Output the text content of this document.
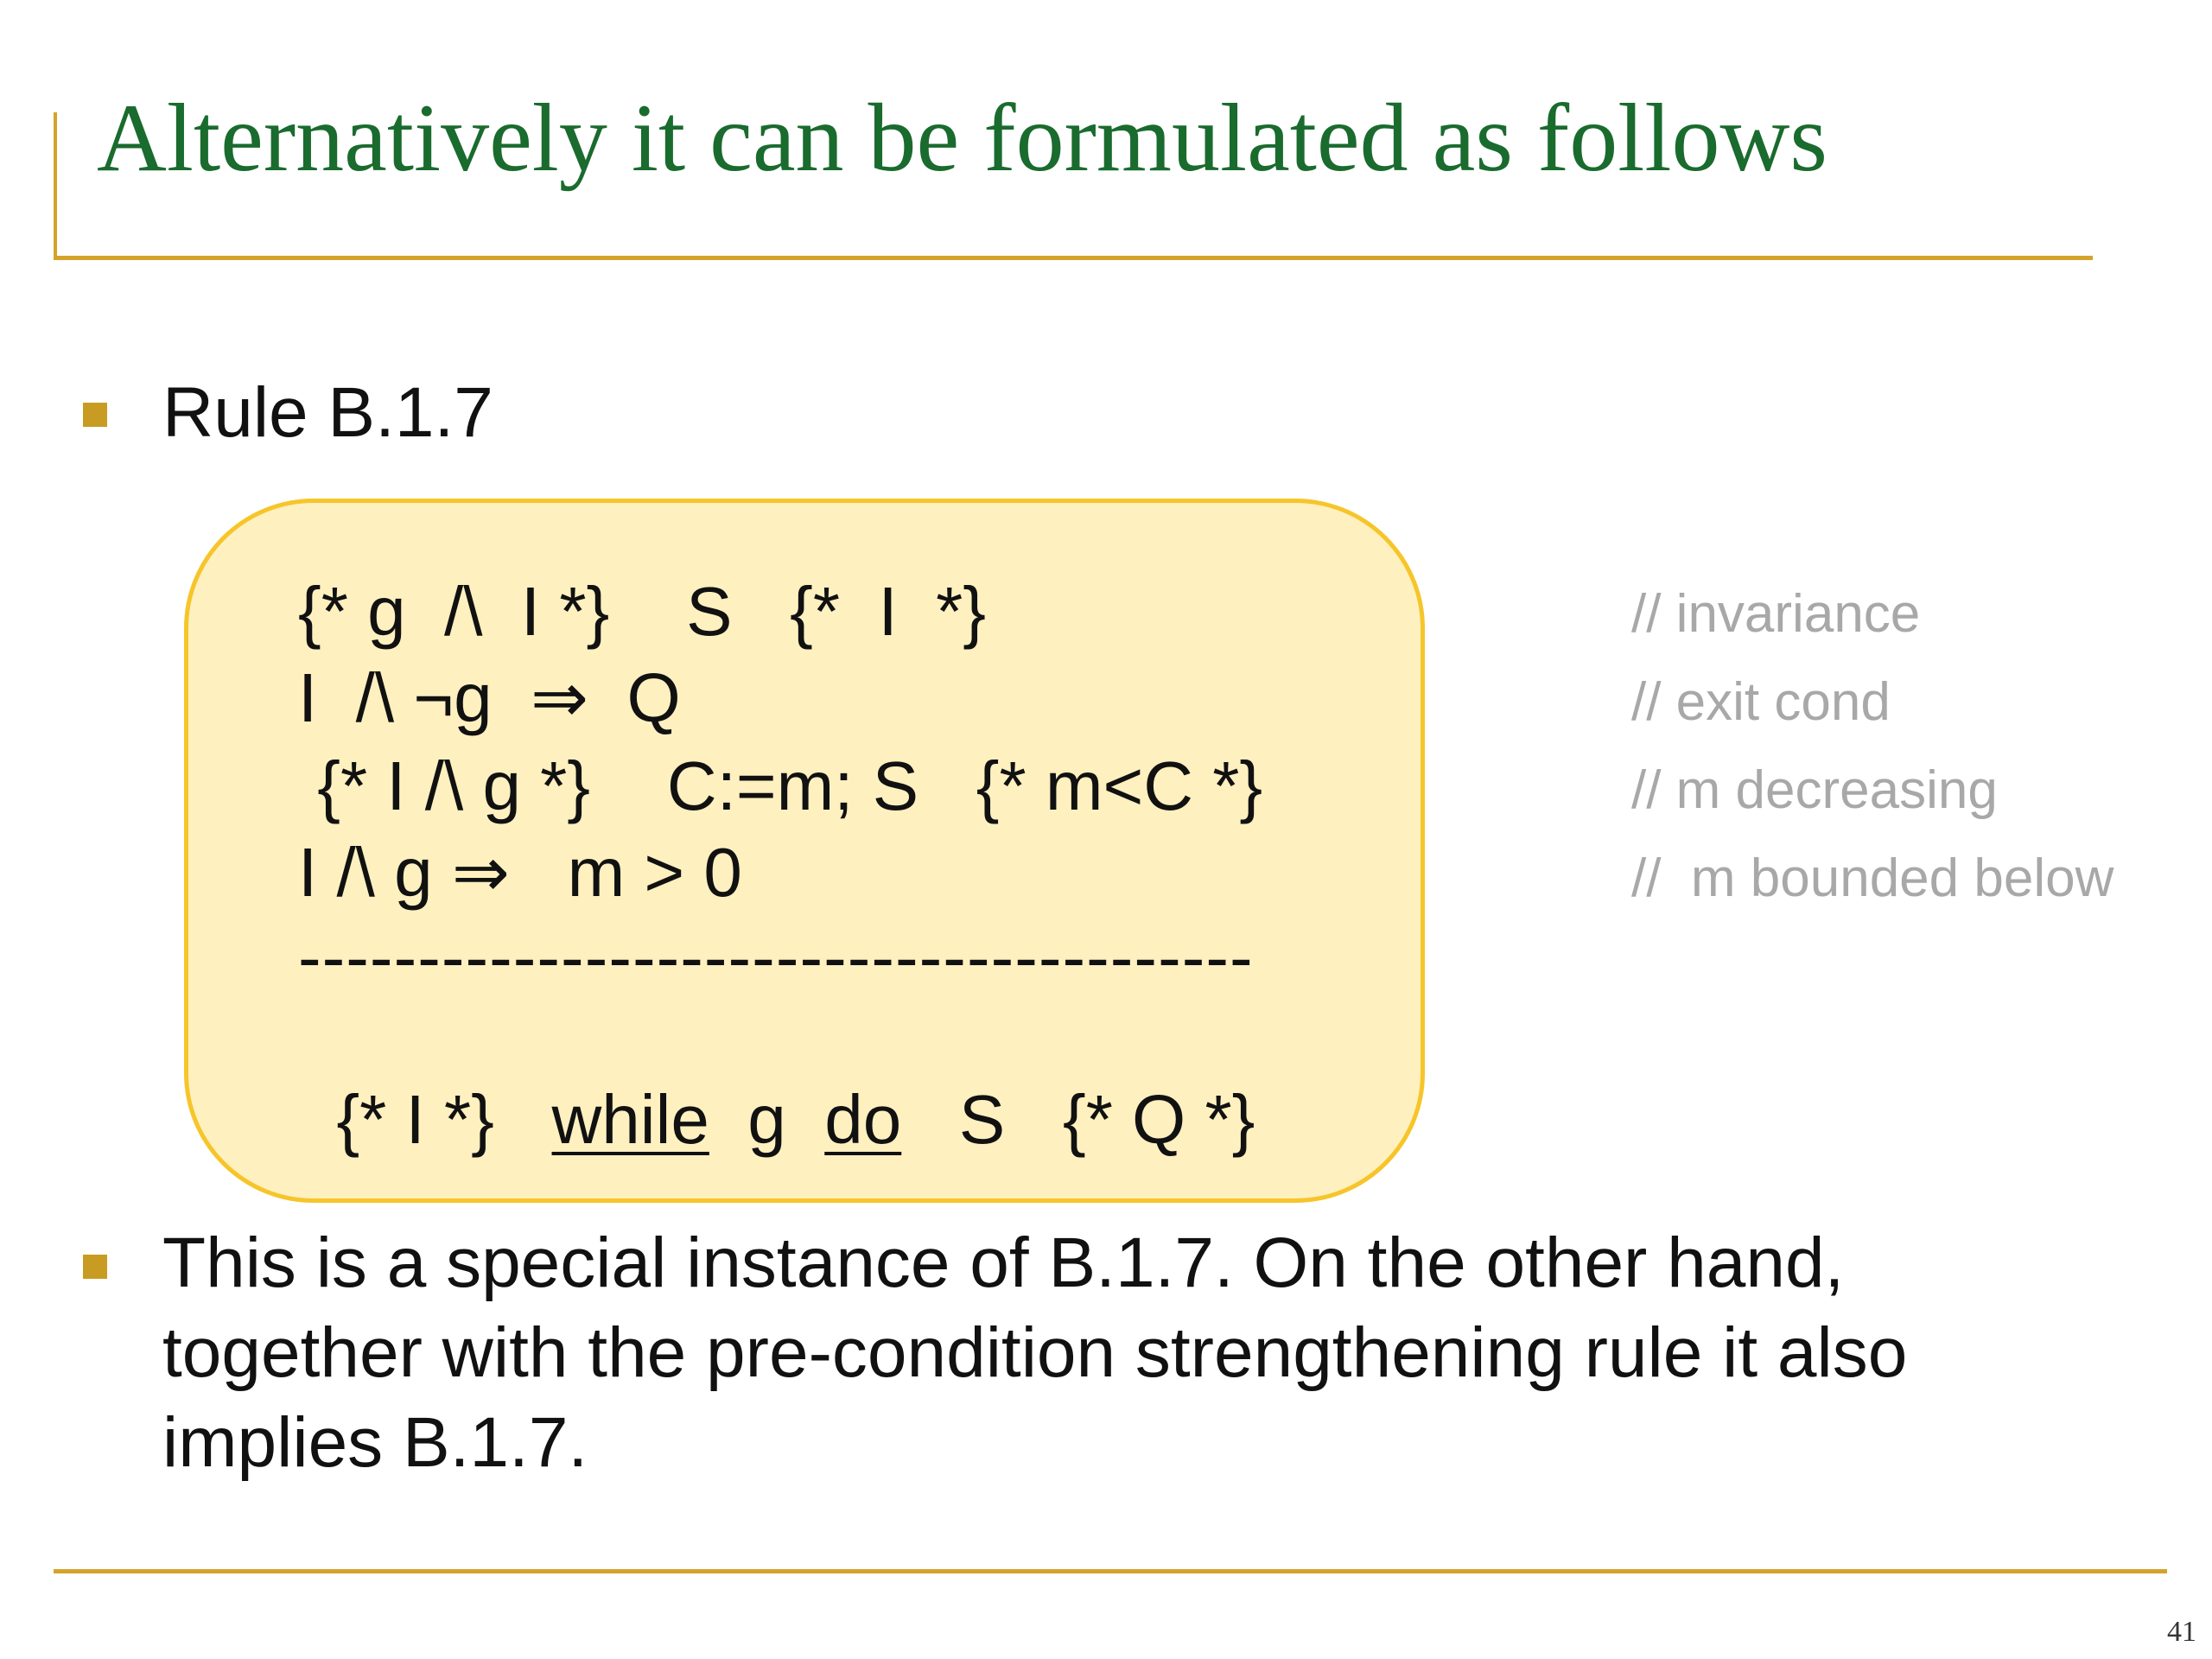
Alternatively it can be formulated as follows
Rule B.1.7
{* g  /\  I *}    S   {*  I  *}
I  /\ ¬g  ⇒  Q
{* I /\ g *}    C:=m; S   {* m<C *}
I /\ g ⇒   m > 0
----------------------------------------

{* I *} while g do S {* Q *}

// invariance
// exit cond
// m decreasing
//  m bounded below
This is a special instance of B.1.7. On the other hand,
together with the pre-condition strengthening rule it also
implies B.1.7.
41
